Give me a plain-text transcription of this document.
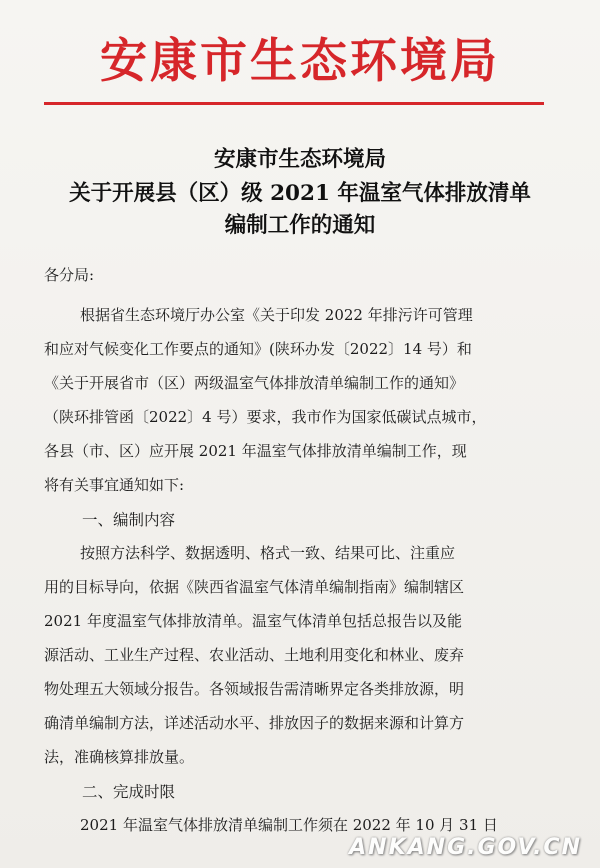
安康市生态环境局
安康市生态环境局
关于开展县（区）级 2021 年温室气体排放清单
编制工作的通知
各分局:
根据省生态环境厅办公室《关于印发 2022 年排污许可管理
和应对气候变化工作要点的通知》(陕环办发〔2022〕14 号）和
《关于开展省市（区）两级温室气体排放清单编制工作的通知》
（陕环排管函〔2022〕4 号）要求，我市作为国家低碳试点城市，
各县（市、区）应开展 2021 年温室气体排放清单编制工作，现
将有关事宜通知如下:
一、编制内容
按照方法科学、数据透明、格式一致、结果可比、注重应
用的目标导向，依据《陕西省温室气体清单编制指南》编制辖区
2021 年度温室气体排放清单。温室气体清单包括总报告以及能
源活动、工业生产过程、农业活动、土地利用变化和林业、废弃
物处理五大领域分报告。各领域报告需清晰界定各类排放源，明
确清单编制方法，详述活动水平、排放因子的数据来源和计算方
法，准确核算排放量。
二、完成时限
2021 年温室气体排放清单编制工作须在 2022 年 10 月 31 日
ANKANG.GOV.CN
